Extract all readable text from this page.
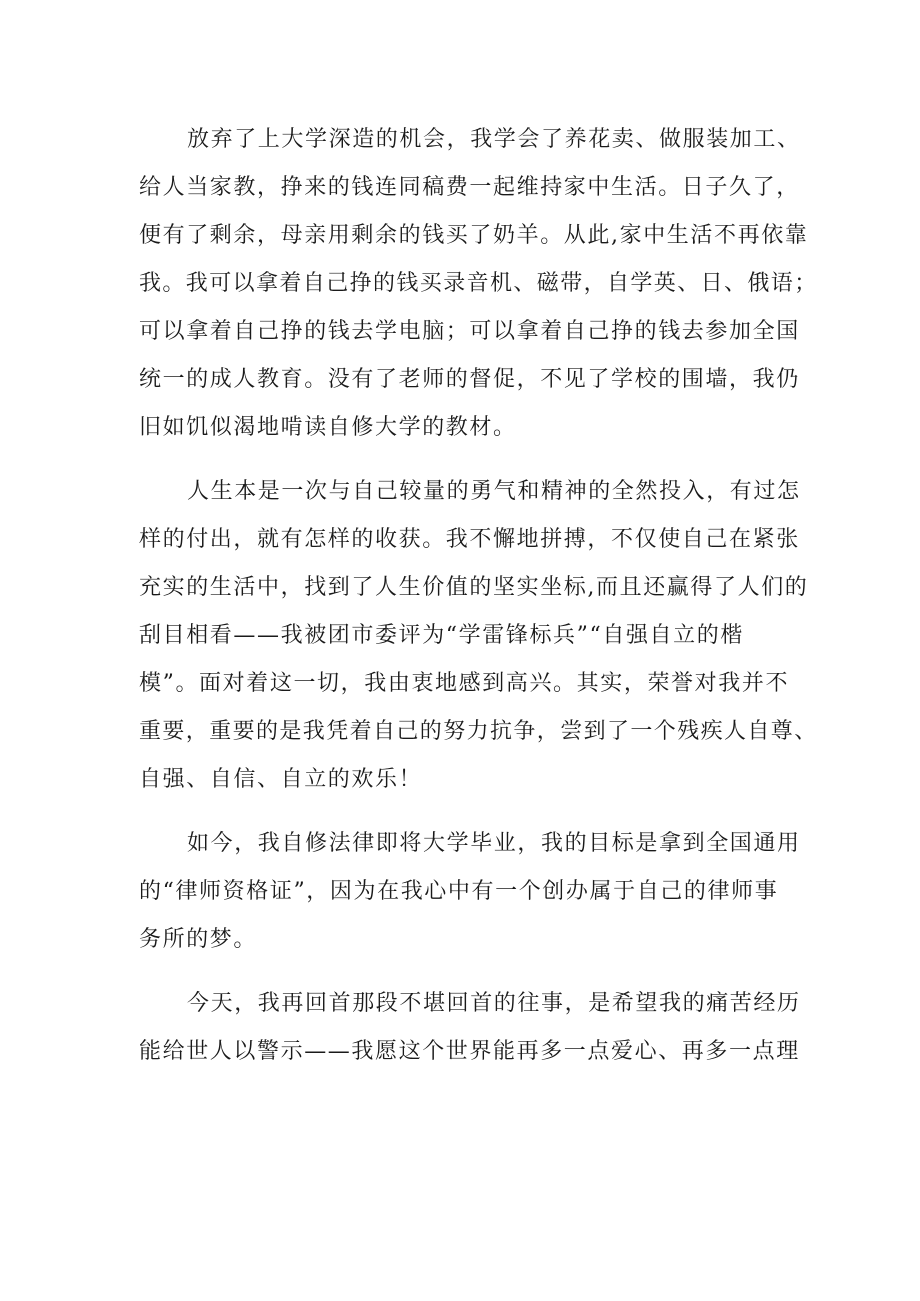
放弃了上大学深造的机会，我学会了养花卖、做服装加工、
给人当家教，挣来的钱连同稿费一起维持家中生活。日子久了，
便有了剩余，母亲用剩余的钱买了奶羊。从此,家中生活不再依靠
我。我可以拿着自己挣的钱买录音机、磁带，自学英、日、俄语；
可以拿着自己挣的钱去学电脑；可以拿着自己挣的钱去参加全国
统一的成人教育。没有了老师的督促，不见了学校的围墙，我仍
旧如饥似渴地啃读自修大学的教材。
人生本是一次与自己较量的勇气和精神的全然投入，有过怎
样的付出，就有怎样的收获。我不懈地拼搏，不仅使自己在紧张
充实的生活中，找到了人生价值的坚实坐标,而且还赢得了人们的
刮目相看——我被团市委评为“学雷锋标兵”“自强自立的楷
模”。面对着这一切，我由衷地感到高兴。其实，荣誉对我并不
重要，重要的是我凭着自己的努力抗争，尝到了一个残疾人自尊、
自强、自信、自立的欢乐！
如今，我自修法律即将大学毕业，我的目标是拿到全国通用
的“律师资格证”，因为在我心中有一个创办属于自己的律师事
务所的梦。
今天，我再回首那段不堪回首的往事，是希望我的痛苦经历
能给世人以警示——我愿这个世界能再多一点爱心、再多一点理
